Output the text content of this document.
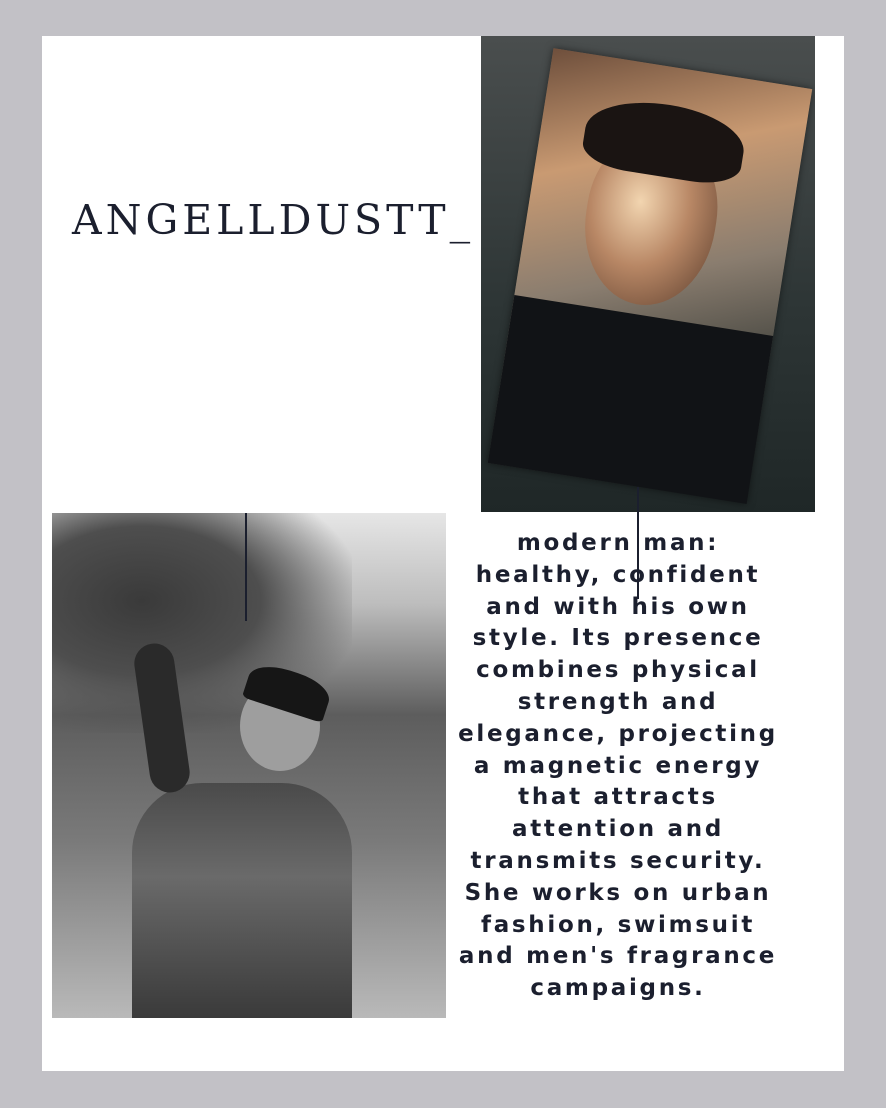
ANGELLDUSTT_

modern man: healthy, confident and with his own style. Its presence combines physical strength and elegance, projecting a magnetic energy that attracts attention and transmits security. She works on urban fashion, swimsuit and men's fragrance campaigns.
